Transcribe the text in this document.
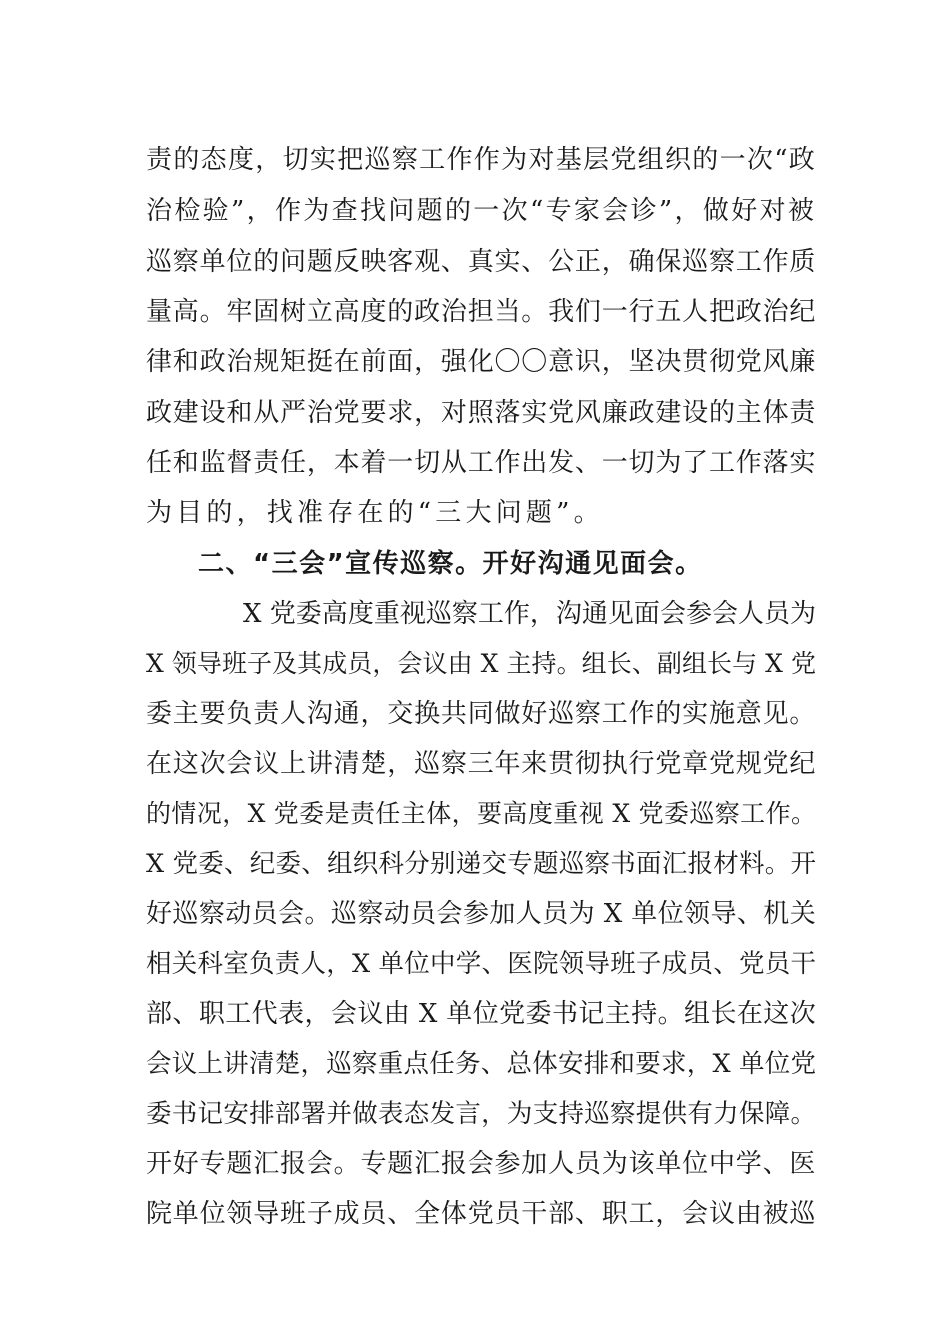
责的态度，切实把巡察工作作为对基层党组织的一次“政
治检验”，作为查找问题的一次“专家会诊”，做好对被
巡察单位的问题反映客观、真实、公正，确保巡察工作质
量高。牢固树立高度的政治担当。我们一行五人把政治纪
律和政治规矩挺在前面，强化〇〇意识，坚决贯彻党风廉
政建设和从严治党要求，对照落实党风廉政建设的主体责
任和监督责任，本着一切从工作出发、一切为了工作落实
为目的，找准存在的“三大问题”。
二、“三会”宣传巡察。开好沟通见面会。
X 党委高度重视巡察工作，沟通见面会参会人员为
X 领导班子及其成员，会议由 X 主持。组长、副组长与 X 党
委主要负责人沟通，交换共同做好巡察工作的实施意见。
在这次会议上讲清楚，巡察三年来贯彻执行党章党规党纪
的情况，X 党委是责任主体，要高度重视 X 党委巡察工作。
X 党委、纪委、组织科分别递交专题巡察书面汇报材料。开
好巡察动员会。巡察动员会参加人员为 X 单位领导、机关
相关科室负责人，X 单位中学、医院领导班子成员、党员干
部、职工代表，会议由 X 单位党委书记主持。组长在这次
会议上讲清楚，巡察重点任务、总体安排和要求，X 单位党
委书记安排部署并做表态发言，为支持巡察提供有力保障。
开好专题汇报会。专题汇报会参加人员为该单位中学、医
院单位领导班子成员、全体党员干部、职工，会议由被巡
